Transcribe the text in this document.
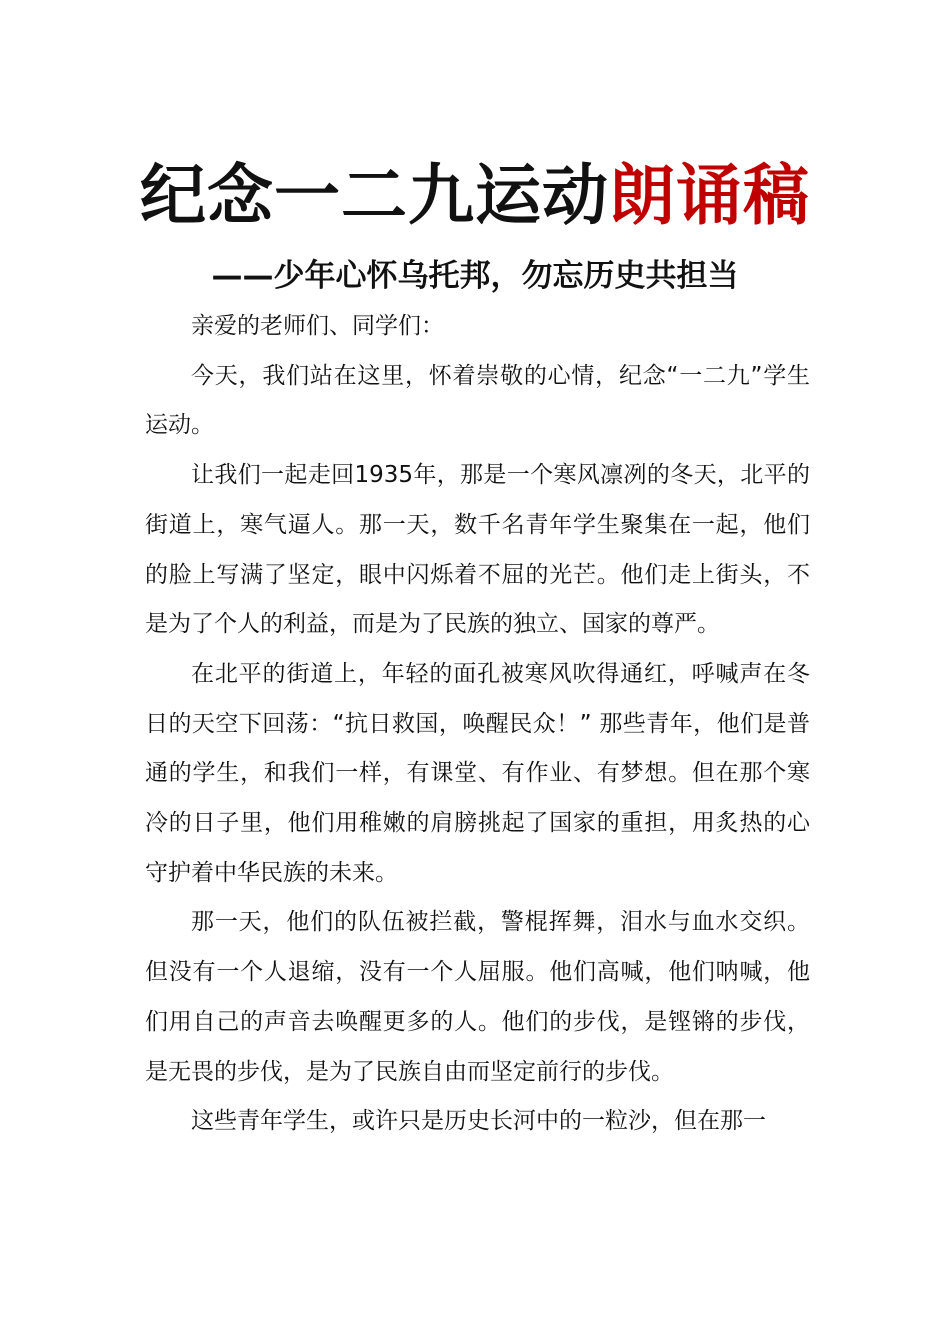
纪念一二九运动朗诵稿
——少年心怀乌托邦，勿忘历史共担当

亲爱的老师们、同学们：

今天，我们站在这里，怀着崇敬的心情，纪念“一二九”学生运动。

让我们一起走回1935年，那是一个寒风凛冽的冬天，北平的街道上，寒气逼人。那一天，数千名青年学生聚集在一起，他们的脸上写满了坚定，眼中闪烁着不屈的光芒。他们走上街头，不是为了个人的利益，而是为了民族的独立、国家的尊严。

在北平的街道上，年轻的面孔被寒风吹得通红，呼喊声在冬日的天空下回荡：“抗日救国，唤醒民众！” 那些青年，他们是普通的学生，和我们一样，有课堂、有作业、有梦想。但在那个寒冷的日子里，他们用稚嫩的肩膀挑起了国家的重担，用炙热的心守护着中华民族的未来。

那一天，他们的队伍被拦截，警棍挥舞，泪水与血水交织。但没有一个人退缩，没有一个人屈服。他们高喊，他们呐喊，他们用自己的声音去唤醒更多的人。他们的步伐，是铿锵的步伐，是无畏的步伐，是为了民族自由而坚定前行的步伐。

这些青年学生，或许只是历史长河中的一粒沙，但在那一
